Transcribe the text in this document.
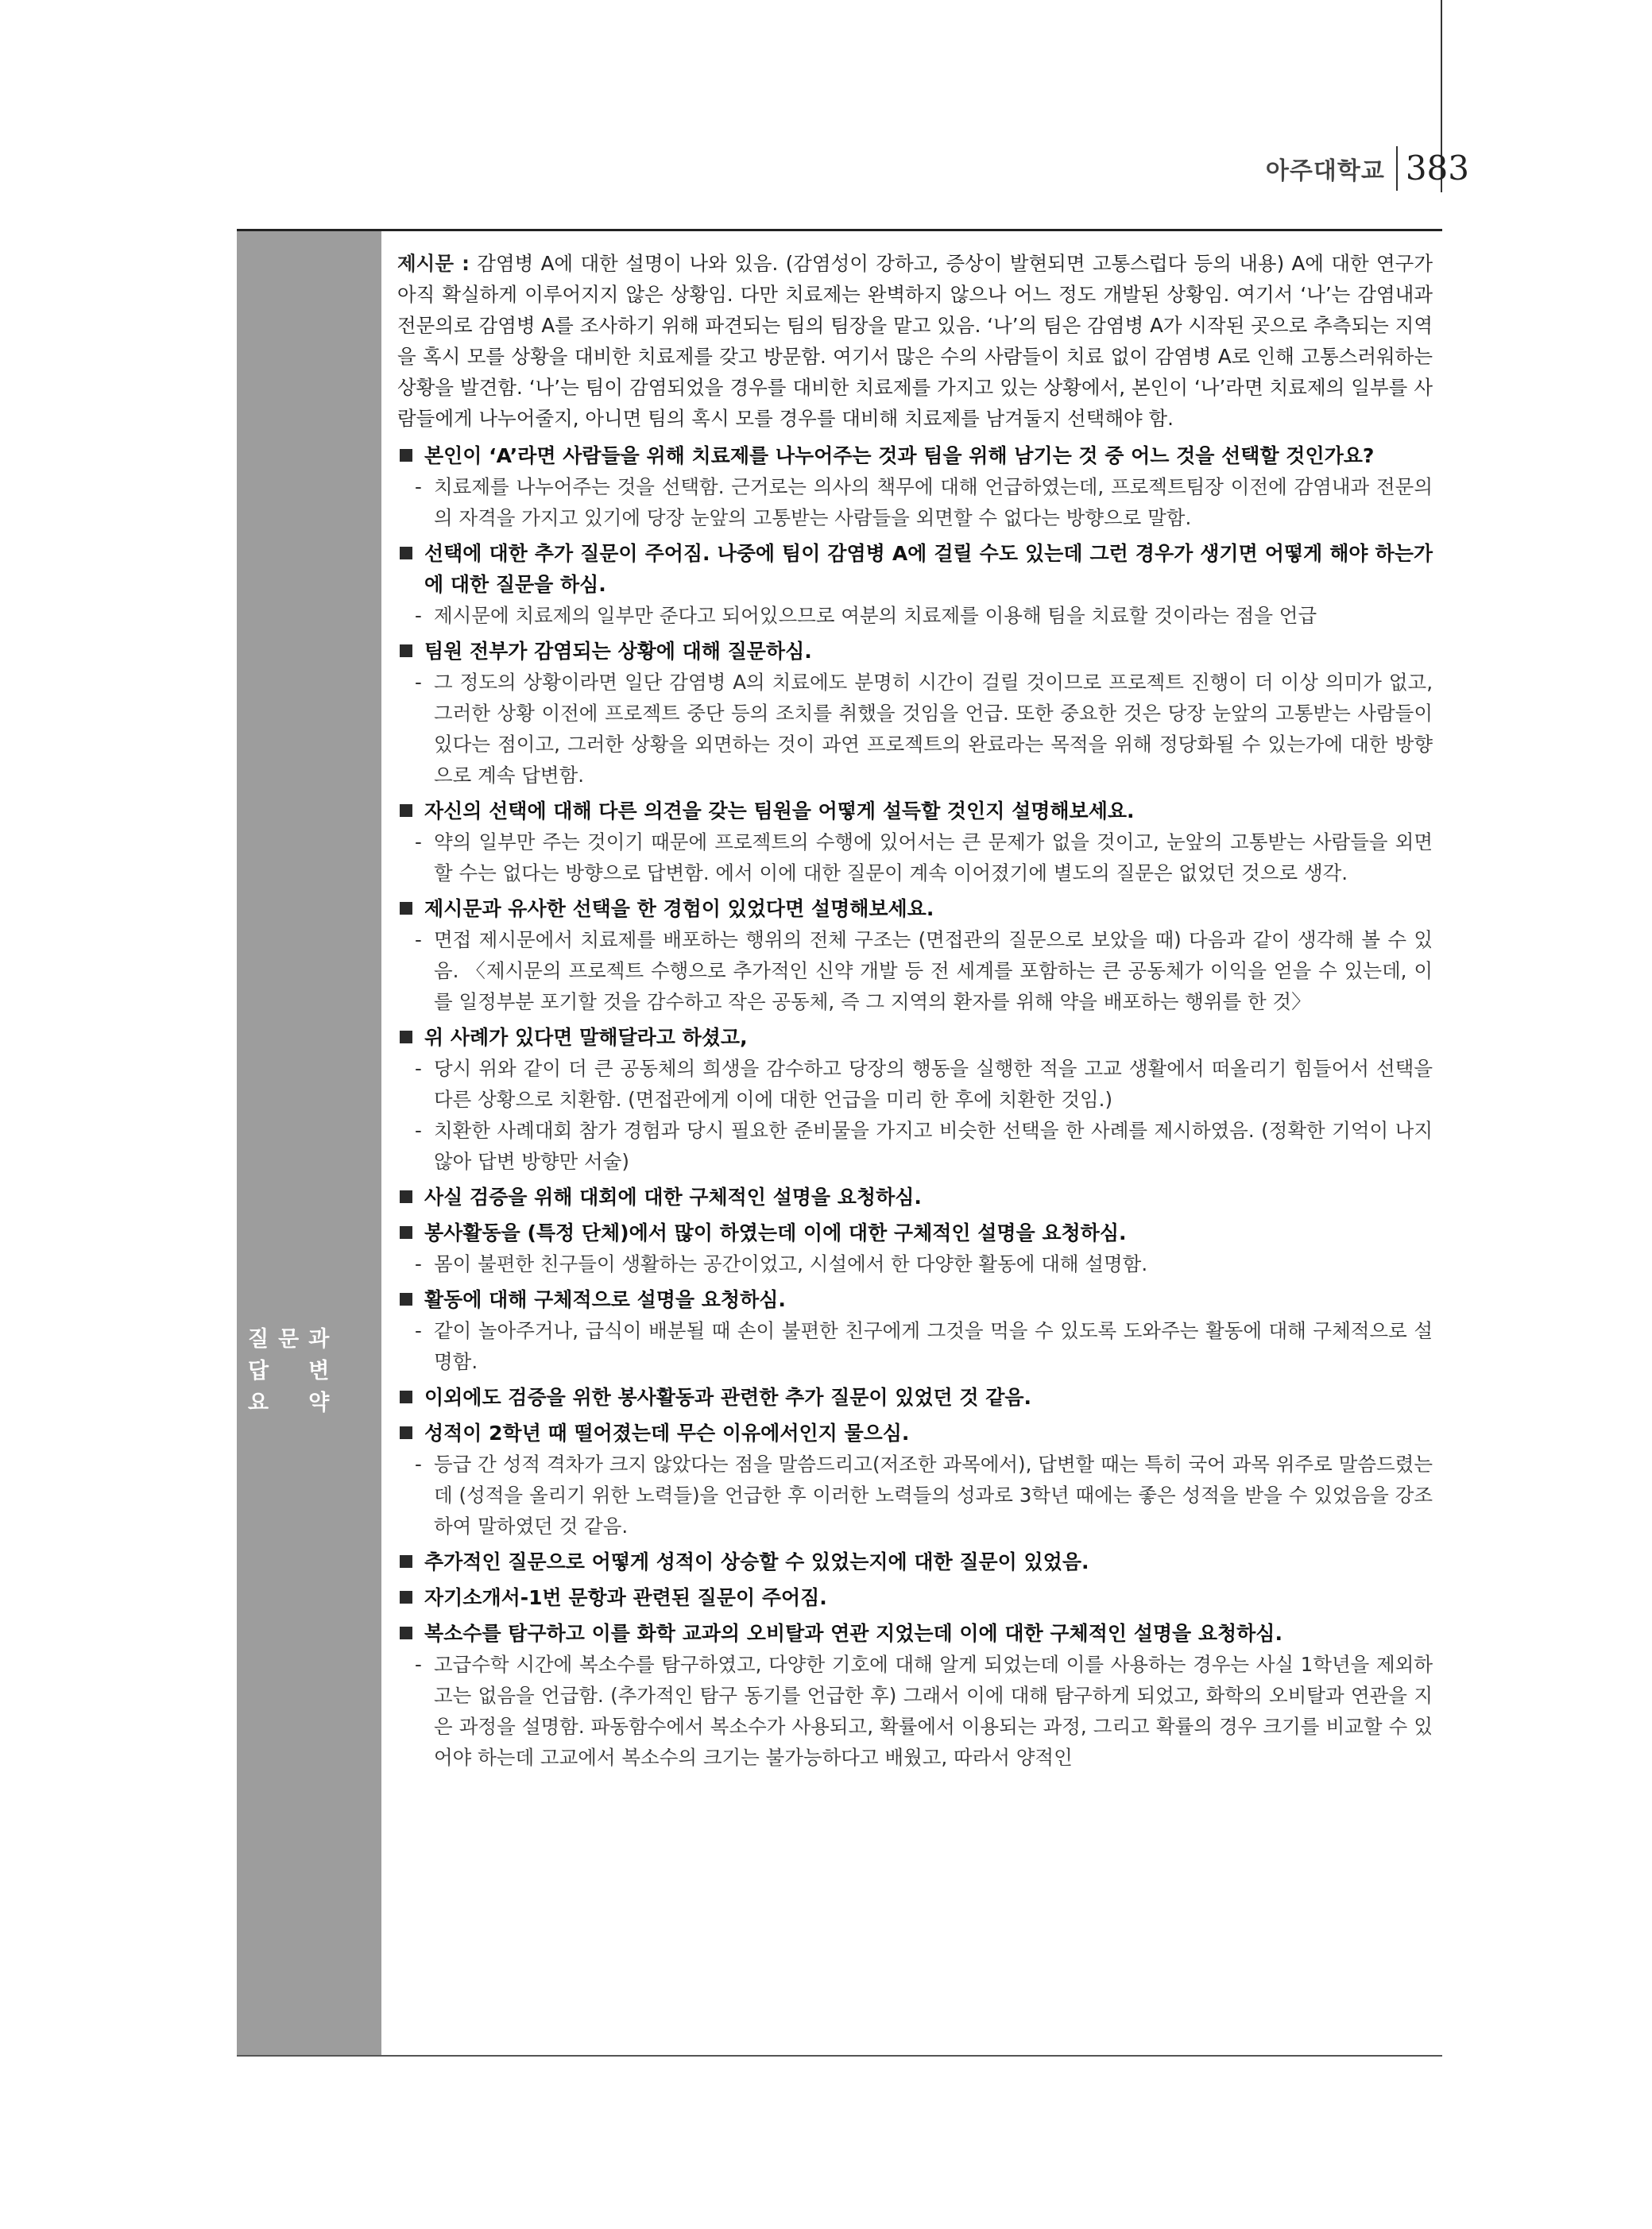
아주대학교 383
질
답
요
문 과
변
약

제시문 : 감염병 A에 대한 설명이 나와 있음. (감염성이 강하고, 증상이 발현되면 고통스럽다 등의 내용) A에 대한 연구가 아직 확실하게 이루어지지 않은 상황임. 다만 치료제는 완벽하지 않으나 어느 정도 개발된 상황임. 여기서 ‘나’는 감염내과 전문의로 감염병 A를 조사하기 위해 파견되는 팀의 팀장을 맡고 있음. ‘나’의 팀은 감염병 A가 시작된 곳으로 추측되는 지역을 혹시 모를 상황을 대비한 치료제를 갖고 방문함. 여기서 많은 수의 사람들이 치료 없이 감염병 A로 인해 고통스러워하는 상황을 발견함. ‘나’는 팀이 감염되었을 경우를 대비한 치료제를 가지고 있는 상황에서, 본인이 ‘나’라면 치료제의 일부를 사람들에게 나누어줄지, 아니면 팀의 혹시 모를 경우를 대비해 치료제를 남겨둘지 선택해야 함.

본인이 ‘A’라면 사람들을 위해 치료제를 나누어주는 것과 팀을 위해 남기는 것 중 어느 것을 선택할 것인가요?

- 치료제를 나누어주는 것을 선택함. 근거로는 의사의 책무에 대해 언급하였는데, 프로젝트팀장 이전에 감염내과 전문의의 자격을 가지고 있기에 당장 눈앞의 고통받는 사람들을 외면할 수 없다는 방향으로 말함.

선택에 대한 추가 질문이 주어짐. 나중에 팀이 감염병 A에 걸릴 수도 있는데 그런 경우가 생기면 어떻게 해야 하는가에 대한 질문을 하심.

- 제시문에 치료제의 일부만 준다고 되어있으므로 여분의 치료제를 이용해 팀을 치료할 것이라는 점을 언급

팀원 전부가 감염되는 상황에 대해 질문하심.

- 그 정도의 상황이라면 일단 감염병 A의 치료에도 분명히 시간이 걸릴 것이므로 프로젝트 진행이 더 이상 의미가 없고, 그러한 상황 이전에 프로젝트 중단 등의 조치를 취했을 것임을 언급. 또한 중요한 것은 당장 눈앞의 고통받는 사람들이 있다는 점이고, 그러한 상황을 외면하는 것이 과연 프로젝트의 완료라는 목적을 위해 정당화될 수 있는가에 대한 방향으로 계속 답변함.

자신의 선택에 대해 다른 의견을 갖는 팀원을 어떻게 설득할 것인지 설명해보세요.

- 약의 일부만 주는 것이기 때문에 프로젝트의 수행에 있어서는 큰 문제가 없을 것이고, 눈앞의 고통받는 사람들을 외면할 수는 없다는 방향으로 답변함. 에서 이에 대한 질문이 계속 이어졌기에 별도의 질문은 없었던 것으로 생각.

제시문과 유사한 선택을 한 경험이 있었다면 설명해보세요.

- 면접 제시문에서 치료제를 배포하는 행위의 전체 구조는 (면접관의 질문으로 보았을 때) 다음과 같이 생각해 볼 수 있음. 〈제시문의 프로젝트 수행으로 추가적인 신약 개발 등 전 세계를 포함하는 큰 공동체가 이익을 얻을 수 있는데, 이를 일정부분 포기할 것을 감수하고 작은 공동체, 즉 그 지역의 환자를 위해 약을 배포하는 행위를 한 것〉

위 사례가 있다면 말해달라고 하셨고,

- 당시 위와 같이 더 큰 공동체의 희생을 감수하고 당장의 행동을 실행한 적을 고교 생활에서 떠올리기 힘들어서 선택을 다른 상황으로 치환함. (면접관에게 이에 대한 언급을 미리 한 후에 치환한 것임.)

- 치환한 사례대회 참가 경험과 당시 필요한 준비물을 가지고 비슷한 선택을 한 사례를 제시하였음. (정확한 기억이 나지 않아 답변 방향만 서술)

사실 검증을 위해 대회에 대한 구체적인 설명을 요청하심.

봉사활동을 (특정 단체)에서 많이 하였는데 이에 대한 구체적인 설명을 요청하심.

- 몸이 불편한 친구들이 생활하는 공간이었고, 시설에서 한 다양한 활동에 대해 설명함.

활동에 대해 구체적으로 설명을 요청하심.

- 같이 놀아주거나, 급식이 배분될 때 손이 불편한 친구에게 그것을 먹을 수 있도록 도와주는 활동에 대해 구체적으로 설명함.

이외에도 검증을 위한 봉사활동과 관련한 추가 질문이 있었던 것 같음.

성적이 2학년 때 떨어졌는데 무슨 이유에서인지 물으심.

- 등급 간 성적 격차가 크지 않았다는 점을 말씀드리고(저조한 과목에서), 답변할 때는 특히 국어 과목 위주로 말씀드렸는데 (성적을 올리기 위한 노력들)을 언급한 후 이러한 노력들의 성과로 3학년 때에는 좋은 성적을 받을 수 있었음을 강조하여 말하였던 것 같음.

추가적인 질문으로 어떻게 성적이 상승할 수 있었는지에 대한 질문이 있었음.

자기소개서-1번 문항과 관련된 질문이 주어짐.

복소수를 탐구하고 이를 화학 교과의 오비탈과 연관 지었는데 이에 대한 구체적인 설명을 요청하심.

- 고급수학 시간에 복소수를 탐구하였고, 다양한 기호에 대해 알게 되었는데 이를 사용하는 경우는 사실 1학년을 제외하고는 없음을 언급함. (추가적인 탐구 동기를 언급한 후) 그래서 이에 대해 탐구하게 되었고, 화학의 오비탈과 연관을 지은 과정을 설명함. 파동함수에서 복소수가 사용되고, 확률에서 이용되는 과정, 그리고 확률의 경우 크기를 비교할 수 있어야 하는데 고교에서 복소수의 크기는 불가능하다고 배웠고, 따라서 양적인
